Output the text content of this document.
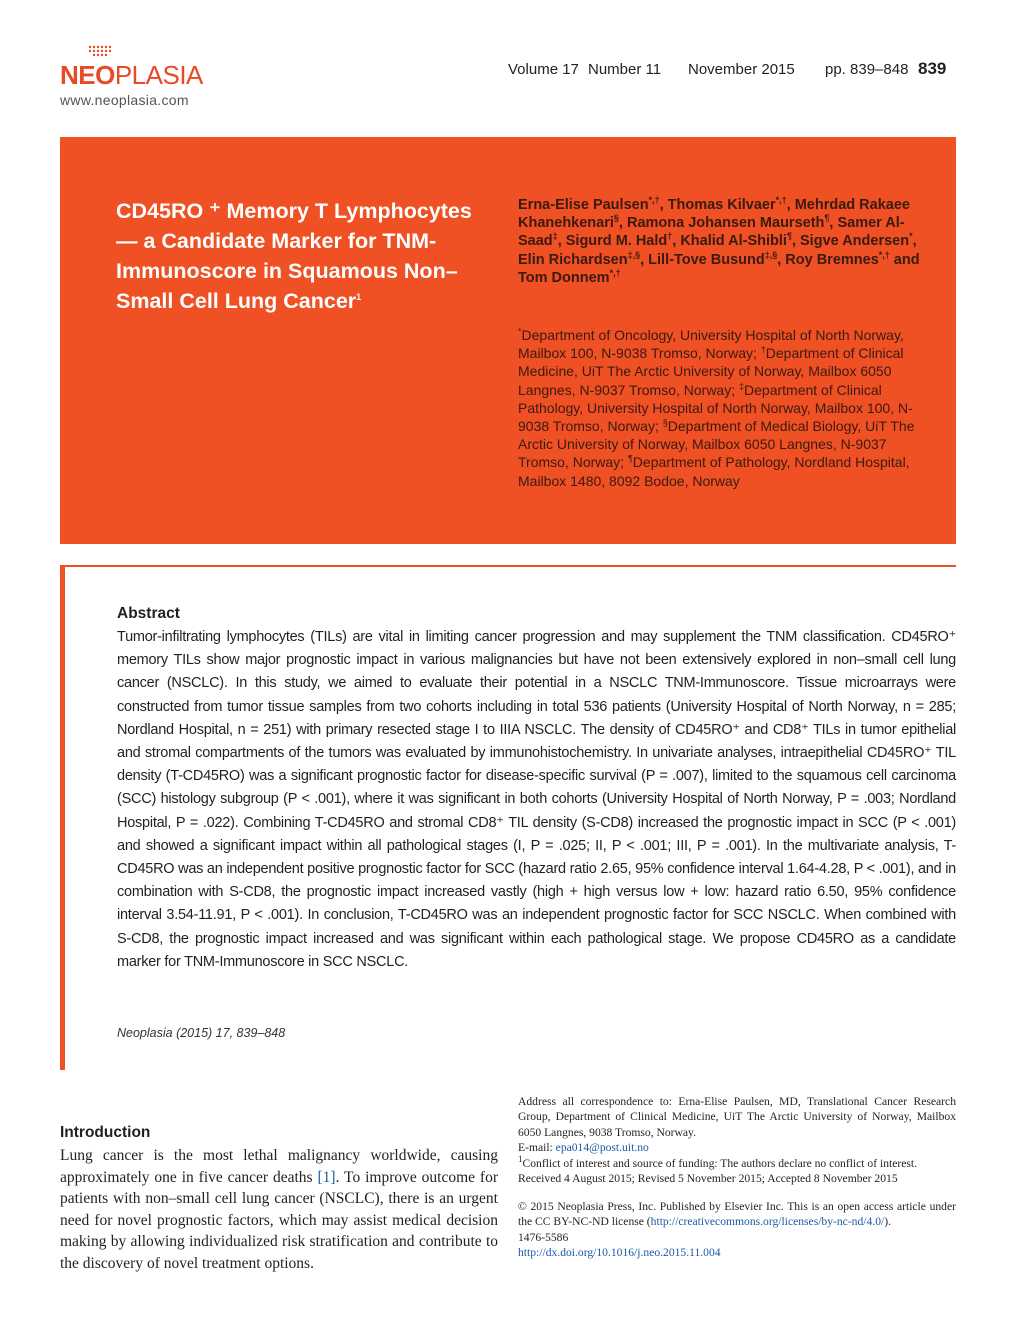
NEOPLASIA
www.neoplasia.com
Volume 17 Number 11 November 2015 pp. 839–848 839
CD45RO ⁺ Memory T Lymphocytes — a Candidate Marker for TNM-Immunoscore in Squamous Non–Small Cell Lung Cancer$^1$

Erna-Elise Paulsen*,†, Thomas Kilvaer*,†, Mehrdad Rakaee Khanehkenari§, Ramona Johansen Maurseth¶, Samer Al-Saad‡, Sigurd M. Hald†, Khalid Al-Shibli¶, Sigve Andersen*, Elin Richardsen‡,§, Lill-Tove Busund‡,§, Roy Bremnes*,† and Tom Donnem*,†

*Department of Oncology, University Hospital of North Norway, Mailbox 100, N-9038 Tromso, Norway; †Department of Clinical Medicine, UiT The Arctic University of Norway, Mailbox 6050 Langnes, N-9037 Tromso, Norway; ‡Department of Clinical Pathology, University Hospital of North Norway, Mailbox 100, N-9038 Tromso, Norway; §Department of Medical Biology, UiT The Arctic University of Norway, Mailbox 6050 Langnes, N-9037 Tromso, Norway; ¶Department of Pathology, Nordland Hospital, Mailbox 1480, 8092 Bodoe, Norway

Abstract

Tumor-infiltrating lymphocytes (TILs) are vital in limiting cancer progression and may supplement the TNM classification. CD45RO⁺ memory TILs show major prognostic impact in various malignancies but have not been extensively explored in non–small cell lung cancer (NSCLC). In this study, we aimed to evaluate their potential in a NSCLC TNM-Immunoscore. Tissue microarrays were constructed from tumor tissue samples from two cohorts including in total 536 patients (University Hospital of North Norway, n = 285; Nordland Hospital, n = 251) with primary resected stage I to IIIA NSCLC. The density of CD45RO⁺ and CD8⁺ TILs in tumor epithelial and stromal compartments of the tumors was evaluated by immunohistochemistry. In univariate analyses, intraepithelial CD45RO⁺ TIL density (T-CD45RO) was a significant prognostic factor for disease-specific survival (P = .007), limited to the squamous cell carcinoma (SCC) histology subgroup (P < .001), where it was significant in both cohorts (University Hospital of North Norway, P = .003; Nordland Hospital, P = .022). Combining T-CD45RO and stromal CD8⁺ TIL density (S-CD8) increased the prognostic impact in SCC (P < .001) and showed a significant impact within all pathological stages (I, P = .025; II, P < .001; III, P = .001). In the multivariate analysis, T-CD45RO was an independent positive prognostic factor for SCC (hazard ratio 2.65, 95% confidence interval 1.64-4.28, P < .001), and in combination with S-CD8, the prognostic impact increased vastly (high + high versus low + low: hazard ratio 6.50, 95% confidence interval 3.54-11.91, P < .001). In conclusion, T-CD45RO was an independent prognostic factor for SCC NSCLC. When combined with S-CD8, the prognostic impact increased and was significant within each pathological stage. We propose CD45RO as a candidate marker for TNM-Immunoscore in SCC NSCLC.

Neoplasia (2015) 17, 839–848
Introduction

Lung cancer is the most lethal malignancy worldwide, causing approximately one in five cancer deaths [1]. To improve outcome for patients with non–small cell lung cancer (NSCLC), there is an urgent need for novel prognostic factors, which may assist medical decision making by allowing individualized risk stratification and contribute to the discovery of novel treatment options.

Address all correspondence to: Erna-Elise Paulsen, MD, Translational Cancer Research Group, Department of Clinical Medicine, UiT The Arctic University of Norway, Mailbox 6050 Langnes, 9038 Tromso, Norway.

E-mail: epa014@post.uit.no

$^1$Conflict of interest and source of funding: The authors declare no conflict of interest.

Received 4 August 2015; Revised 5 November 2015; Accepted 8 November 2015

© 2015 Neoplasia Press, Inc. Published by Elsevier Inc. This is an open access article under the CC BY-NC-ND license (http://creativecommons.org/licenses/by-nc-nd/4.0/).

1476-5586

http://dx.doi.org/10.1016/j.neo.2015.11.004
